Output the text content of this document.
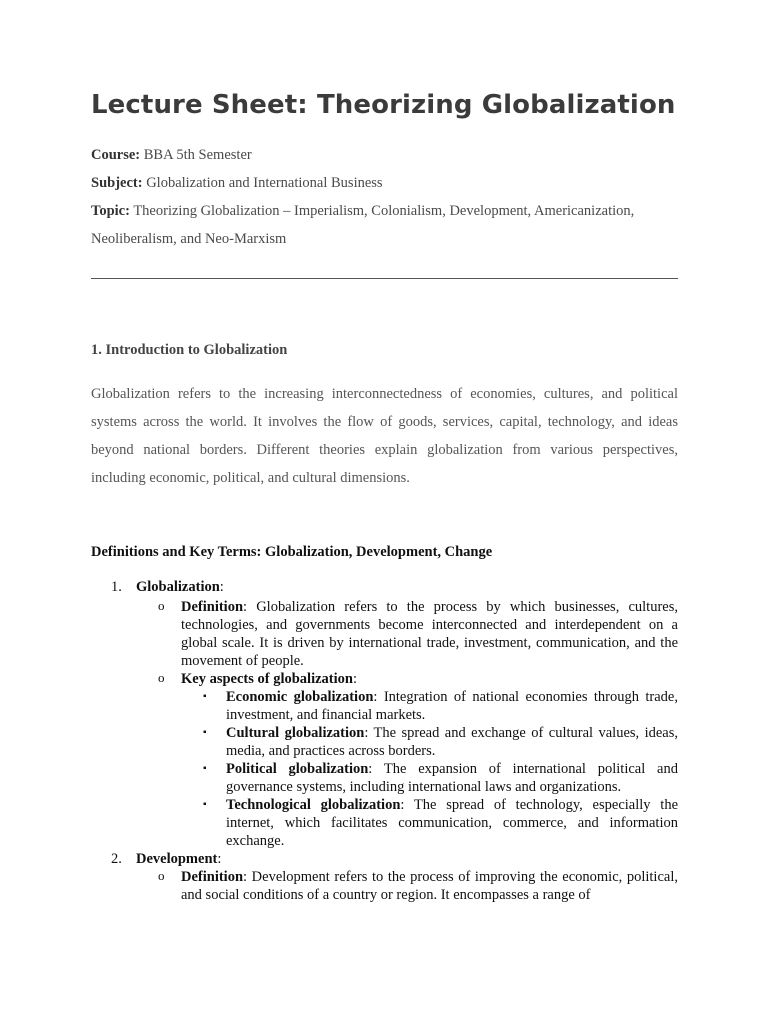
Lecture Sheet: Theorizing Globalization
Course: BBA 5th Semester
Subject: Globalization and International Business
Topic: Theorizing Globalization – Imperialism, Colonialism, Development, Americanization,
Neoliberalism, and Neo-Marxism
1. Introduction to Globalization
Globalization refers to the increasing interconnectedness of economies, cultures, and political systems across the world. It involves the flow of goods, services, capital, technology, and ideas beyond national borders. Different theories explain globalization from various perspectives, including economic, political, and cultural dimensions.
Definitions and Key Terms: Globalization, Development, Change
1. Globalization:
o Definition: Globalization refers to the process by which businesses, cultures, technologies, and governments become interconnected and interdependent on a global scale. It is driven by international trade, investment, communication, and the movement of people.
o Key aspects of globalization:
▪ Economic globalization: Integration of national economies through trade, investment, and financial markets.
▪ Cultural globalization: The spread and exchange of cultural values, ideas, media, and practices across borders.
▪ Political globalization: The expansion of international political and governance systems, including international laws and organizations.
▪ Technological globalization: The spread of technology, especially the internet, which facilitates communication, commerce, and information exchange.
2. Development:
o Definition: Development refers to the process of improving the economic, political, and social conditions of a country or region. It encompasses a range of
